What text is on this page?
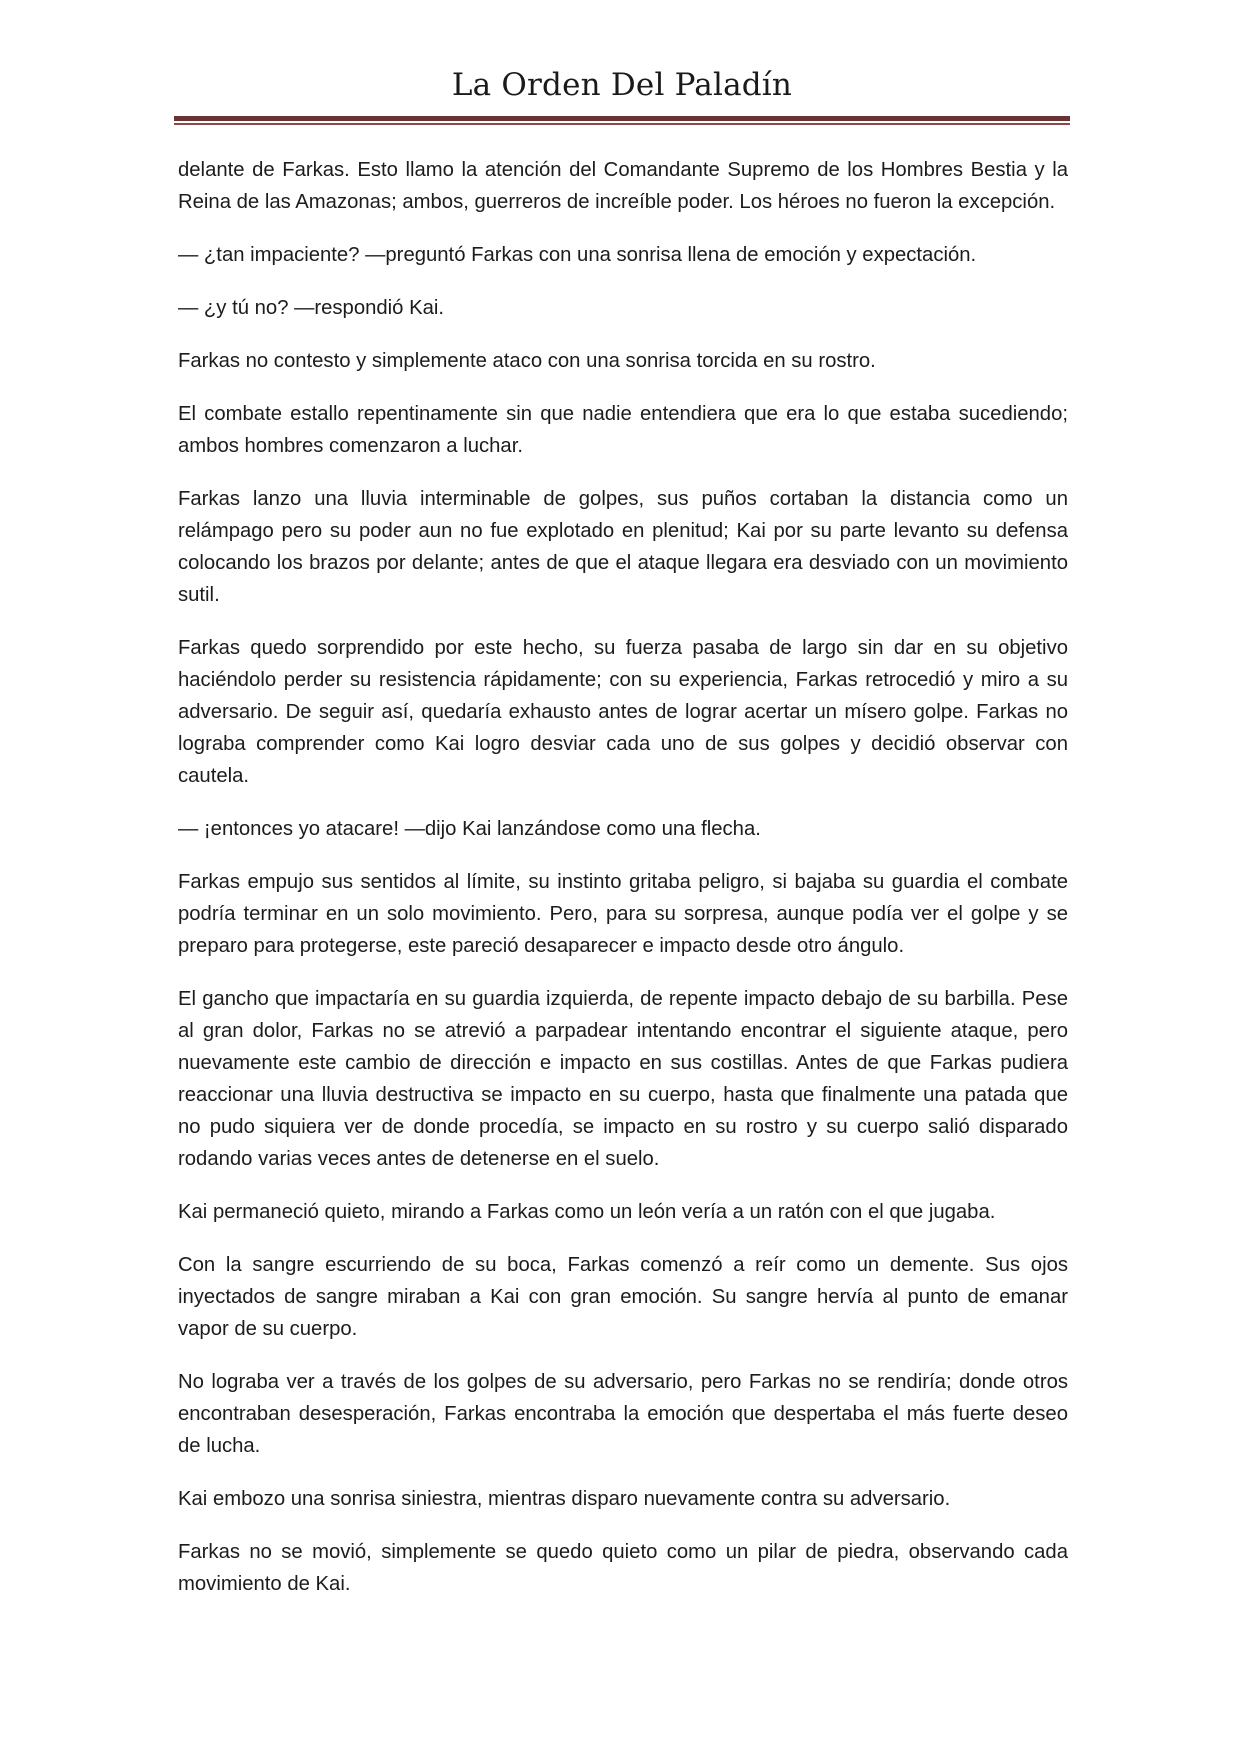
La Orden Del Paladín

delante de Farkas. Esto llamo la atención del Comandante Supremo de los Hombres Bestia y la Reina de las Amazonas; ambos, guerreros de increíble poder. Los héroes no fueron la excepción.

— ¿tan impaciente? —preguntó Farkas con una sonrisa llena de emoción y expectación.

— ¿y tú no? —respondió Kai.

Farkas no contesto y simplemente ataco con una sonrisa torcida en su rostro.

El combate estallo repentinamente sin que nadie entendiera que era lo que estaba sucediendo; ambos hombres comenzaron a luchar.

Farkas lanzo una lluvia interminable de golpes, sus puños cortaban la distancia como un relámpago pero su poder aun no fue explotado en plenitud; Kai por su parte levanto su defensa colocando los brazos por delante; antes de que el ataque llegara era desviado con un movimiento sutil.

Farkas quedo sorprendido por este hecho, su fuerza pasaba de largo sin dar en su objetivo haciéndolo perder su resistencia rápidamente; con su experiencia, Farkas retrocedió y miro a su adversario. De seguir así, quedaría exhausto antes de lograr acertar un mísero golpe. Farkas no lograba comprender como Kai logro desviar cada uno de sus golpes y decidió observar con cautela.

— ¡entonces yo atacare! —dijo Kai lanzándose como una flecha.

Farkas empujo sus sentidos al límite, su instinto gritaba peligro, si bajaba su guardia el combate podría terminar en un solo movimiento. Pero, para su sorpresa, aunque podía ver el golpe y se preparo para protegerse, este pareció desaparecer e impacto desde otro ángulo.

El gancho que impactaría en su guardia izquierda, de repente impacto debajo de su barbilla. Pese al gran dolor, Farkas no se atrevió a parpadear intentando encontrar el siguiente ataque, pero nuevamente este cambio de dirección e impacto en sus costillas. Antes de que Farkas pudiera reaccionar una lluvia destructiva se impacto en su cuerpo, hasta que finalmente una patada que no pudo siquiera ver de donde procedía, se impacto en su rostro y su cuerpo salió disparado rodando varias veces antes de detenerse en el suelo.

Kai permaneció quieto, mirando a Farkas como un león vería a un ratón con el que jugaba.

Con la sangre escurriendo de su boca, Farkas comenzó a reír como un demente. Sus ojos inyectados de sangre miraban a Kai con gran emoción. Su sangre hervía al punto de emanar vapor de su cuerpo.

No lograba ver a través de los golpes de su adversario, pero Farkas no se rendiría; donde otros encontraban desesperación, Farkas encontraba la emoción que despertaba el más fuerte deseo de lucha.

Kai embozo una sonrisa siniestra, mientras disparo nuevamente contra su adversario.

Farkas no se movió, simplemente se quedo quieto como un pilar de piedra, observando cada movimiento de Kai.
